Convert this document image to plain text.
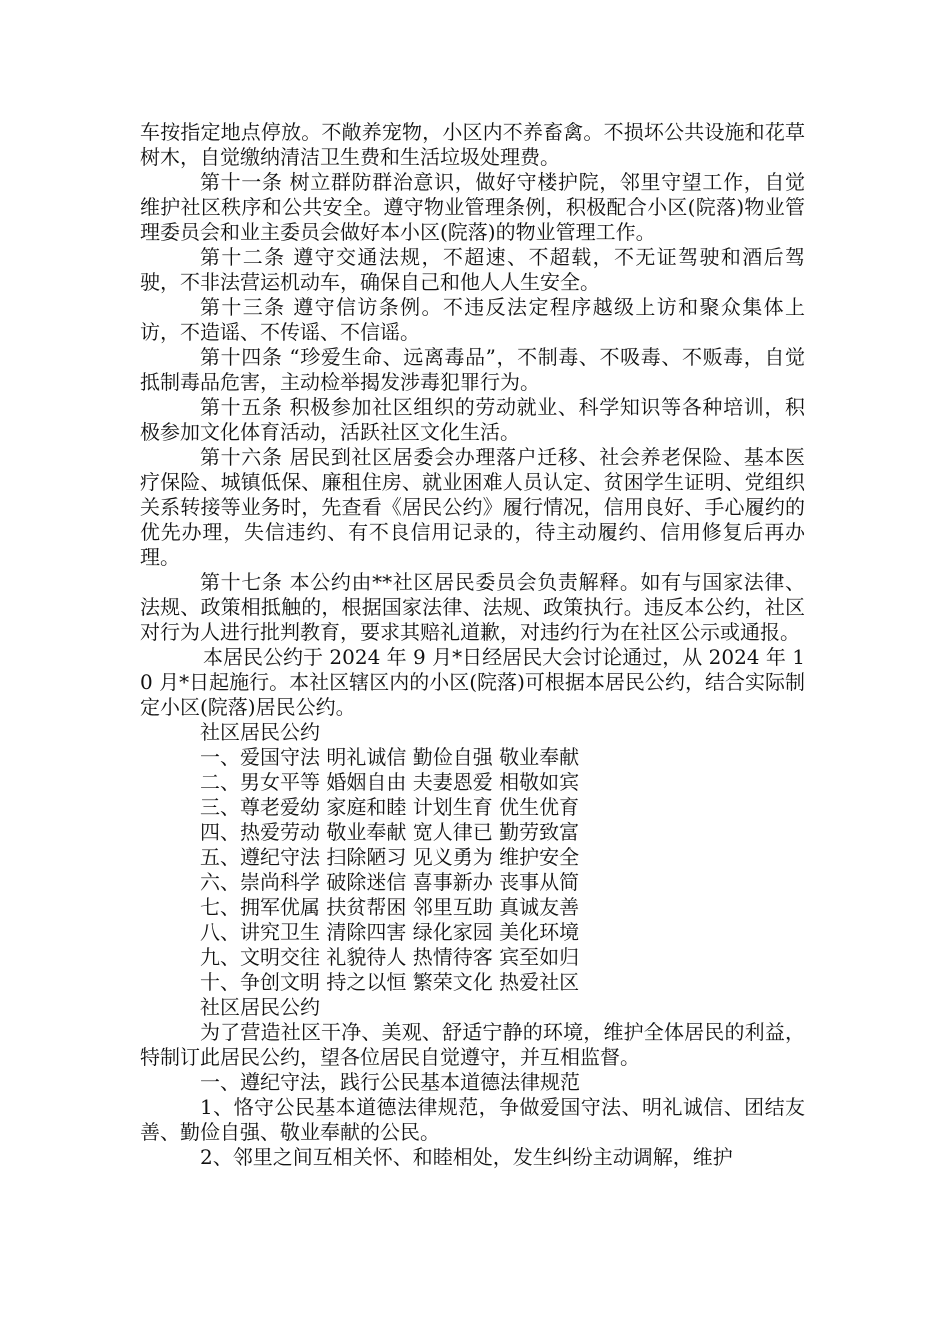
车按指定地点停放。不敞养宠物，小区内不养畜禽。不损坏公共设施和花草树木，自觉缴纳清洁卫生费和生活垃圾处理费。

第十一条 树立群防群治意识，做好守楼护院，邻里守望工作，自觉维护社区秩序和公共安全。遵守物业管理条例，积极配合小区(院落)物业管理委员会和业主委员会做好本小区(院落)的物业管理工作。

第十二条 遵守交通法规，不超速、不超载，不无证驾驶和酒后驾驶，不非法营运机动车，确保自己和他人人生安全。

第十三条 遵守信访条例。不违反法定程序越级上访和聚众集体上访，不造谣、不传谣、不信谣。

第十四条 “珍爱生命、远离毒品”，不制毒、不吸毒、不贩毒，自觉抵制毒品危害，主动检举揭发涉毒犯罪行为。

第十五条 积极参加社区组织的劳动就业、科学知识等各种培训，积极参加文化体育活动，活跃社区文化生活。

第十六条 居民到社区居委会办理落户迁移、社会养老保险、基本医疗保险、城镇低保、廉租住房、就业困难人员认定、贫困学生证明、党组织关系转接等业务时，先查看《居民公约》履行情况，信用良好、手心履约的优先办理，失信违约、有不良信用记录的，待主动履约、信用修复后再办理。

第十七条 本公约由**社区居民委员会负责解释。如有与国家法律、法规、政策相抵触的，根据国家法律、法规、政策执行。违反本公约，社区对行为人进行批判教育，要求其赔礼道歉，对违约行为在社区公示或通报。

本居民公约于 2024 年 9 月*日经居民大会讨论通过，从 2024 年 10 月*日起施行。本社区辖区内的小区(院落)可根据本居民公约，结合实际制定小区(院落)居民公约。

社区居民公约

一、爱国守法 明礼诚信 勤俭自强 敬业奉献

二、男女平等 婚姻自由 夫妻恩爱 相敬如宾

三、尊老爱幼 家庭和睦 计划生育 优生优育

四、热爱劳动 敬业奉献 宽人律已 勤劳致富

五、遵纪守法 扫除陋习 见义勇为 维护安全

六、崇尚科学 破除迷信 喜事新办 丧事从简

七、拥军优属 扶贫帮困 邻里互助 真诚友善

八、讲究卫生 清除四害 绿化家园 美化环境

九、文明交往 礼貌待人 热情待客 宾至如归

十、争创文明 持之以恒 繁荣文化 热爱社区

社区居民公约

为了营造社区干净、美观、舒适宁静的环境，维护全体居民的利益，特制订此居民公约，望各位居民自觉遵守，并互相监督。

一、遵纪守法，践行公民基本道德法律规范

1、恪守公民基本道德法律规范，争做爱国守法、明礼诚信、团结友善、勤俭自强、敬业奉献的公民。

2、邻里之间互相关怀、和睦相处，发生纠纷主动调解，维护
